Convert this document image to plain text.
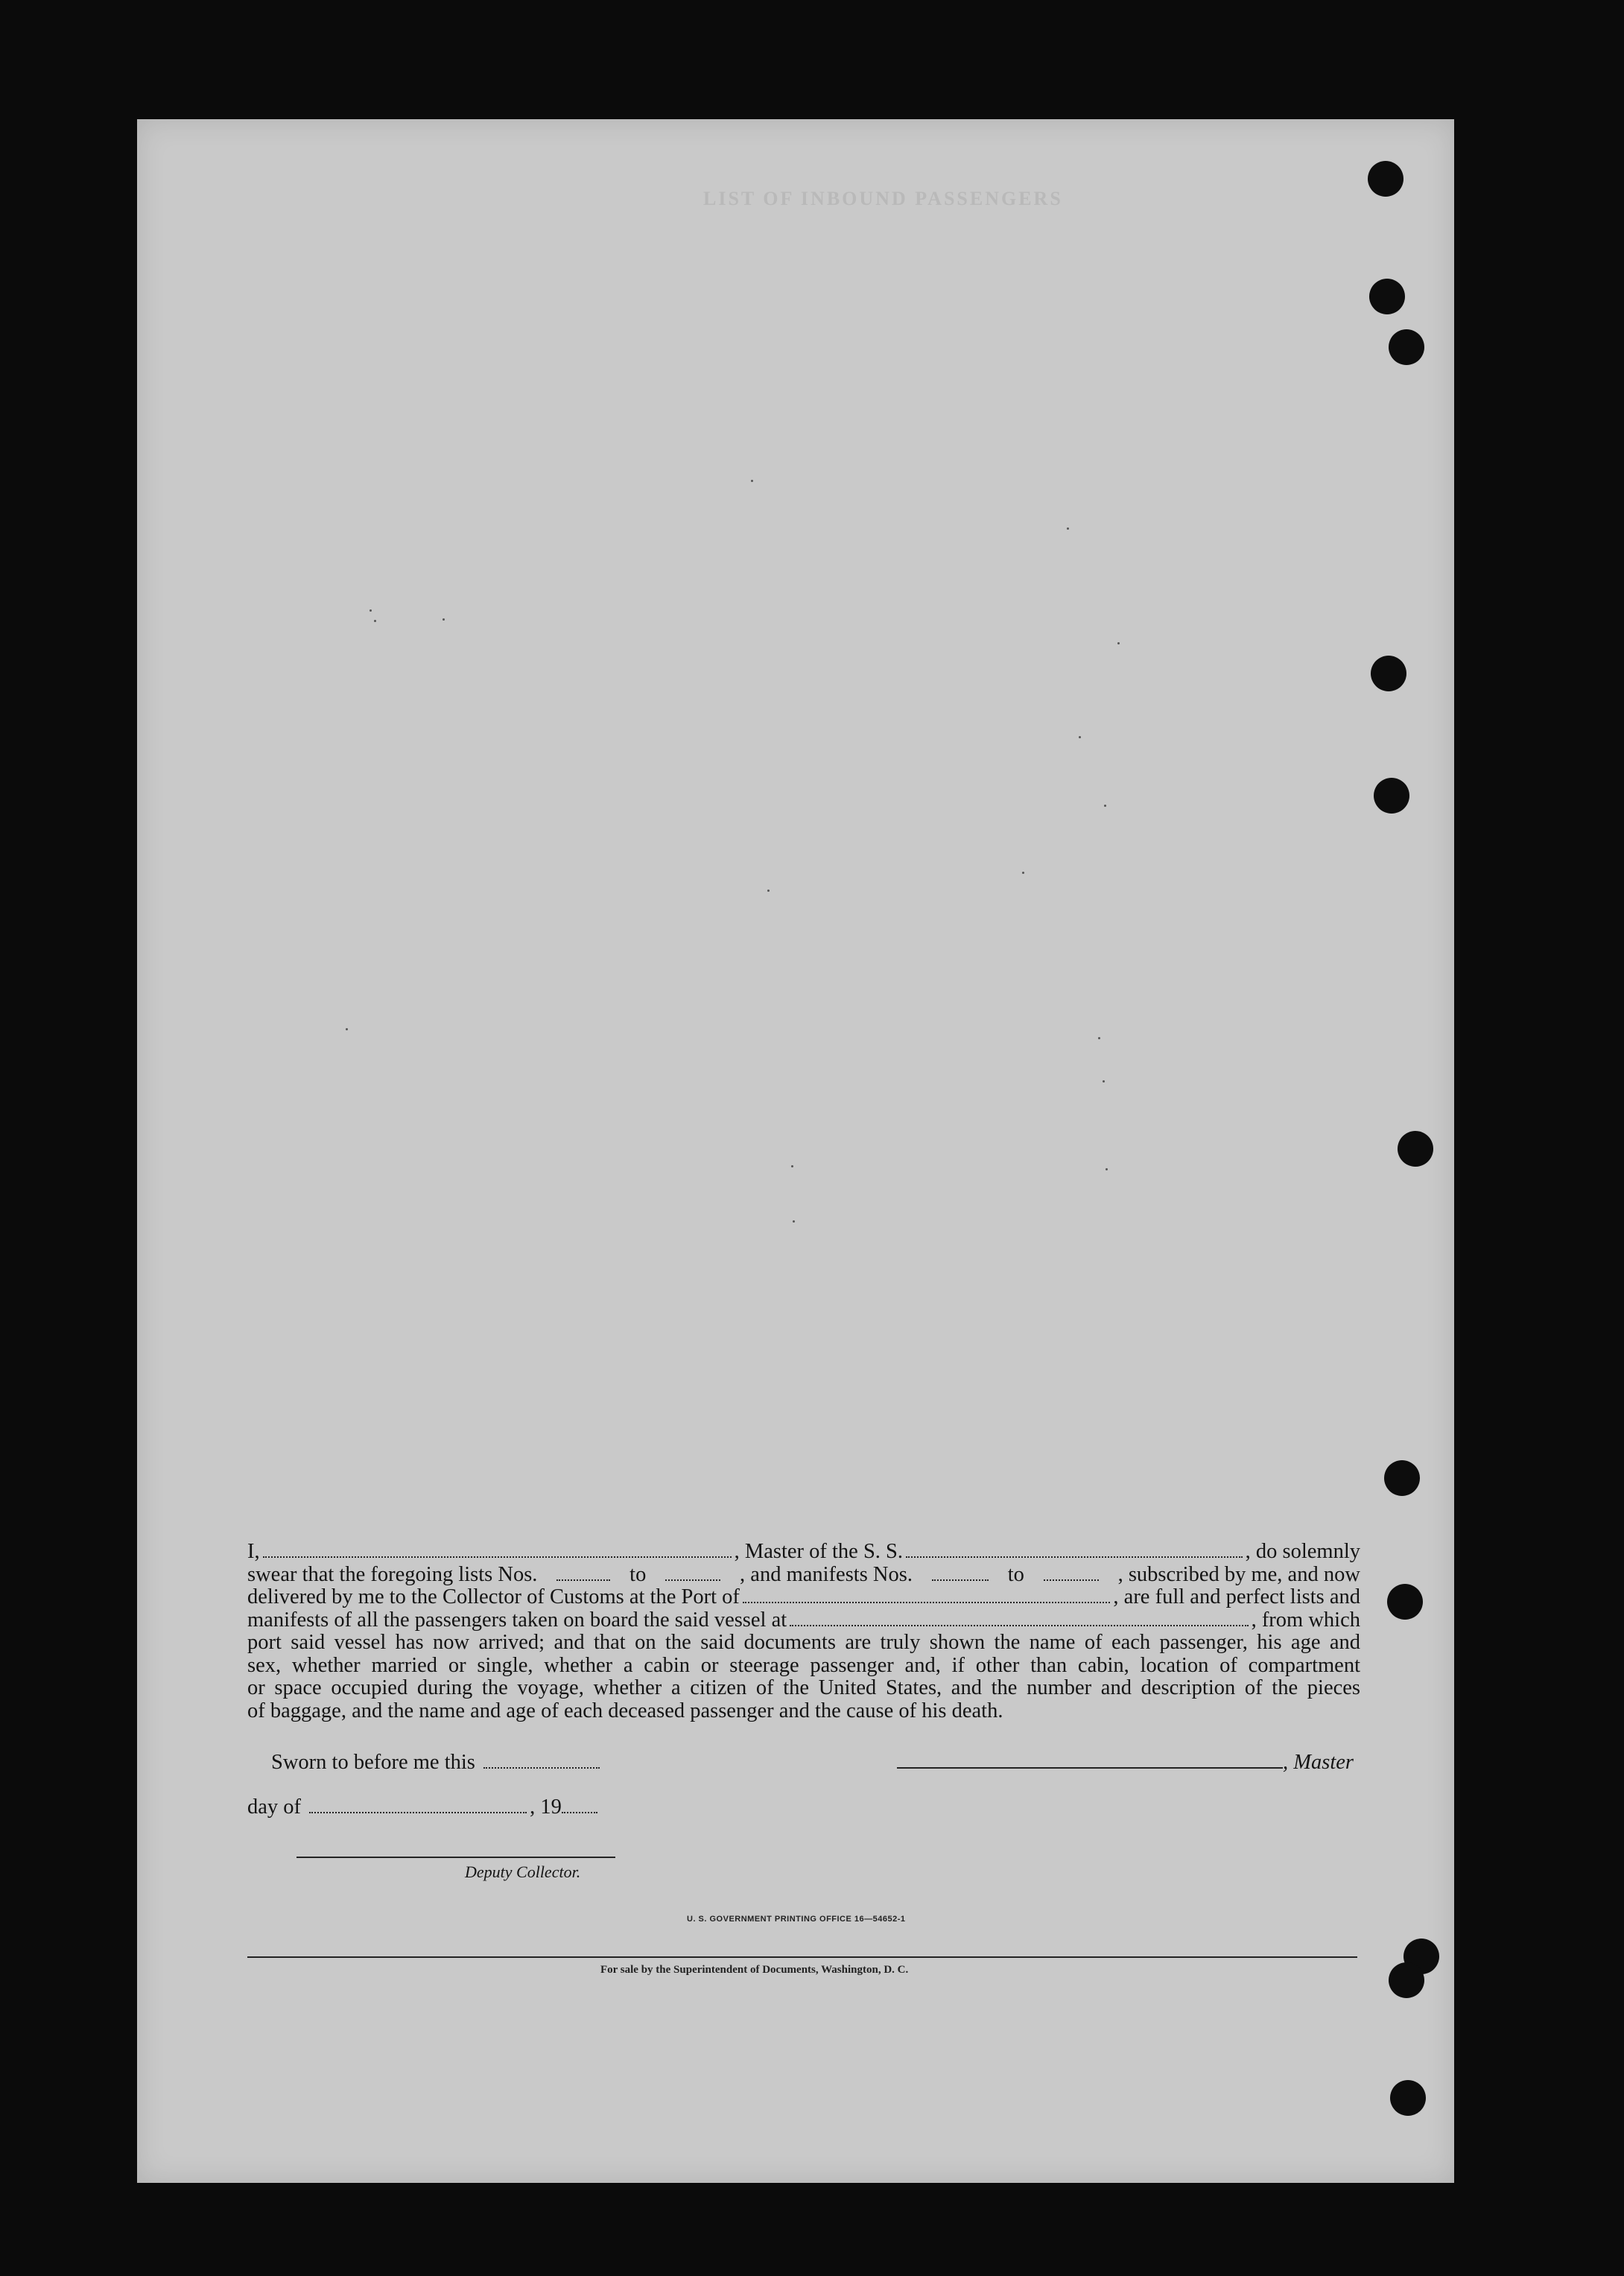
LIST OF INBOUND PASSENGERS
I,	, Master of the S. S.	, do solemnly
swear that the foregoing lists Nos.	to	, and manifests Nos.	to	, subscribed by me, and now
delivered by me to the Collector of Customs at the Port of	, are full and perfect lists and
manifests of all the passengers taken on board the said vessel at	, from which
port said vessel has now arrived; and that on the said documents are truly shown the name of each passenger, his age and
sex, whether married or single, whether a cabin or steerage passenger and, if other than cabin, location of compartment
or space occupied during the voyage, whether a citizen of the United States, and the number and description of the pieces
of baggage, and the name and age of each deceased passenger and the cause of his death.
Sworn to before me this	, Master
day of	, 19
Deputy Collector.
U. S. GOVERNMENT PRINTING OFFICE 16—54652-1
For sale by the Superintendent of Documents, Washington, D. C.
